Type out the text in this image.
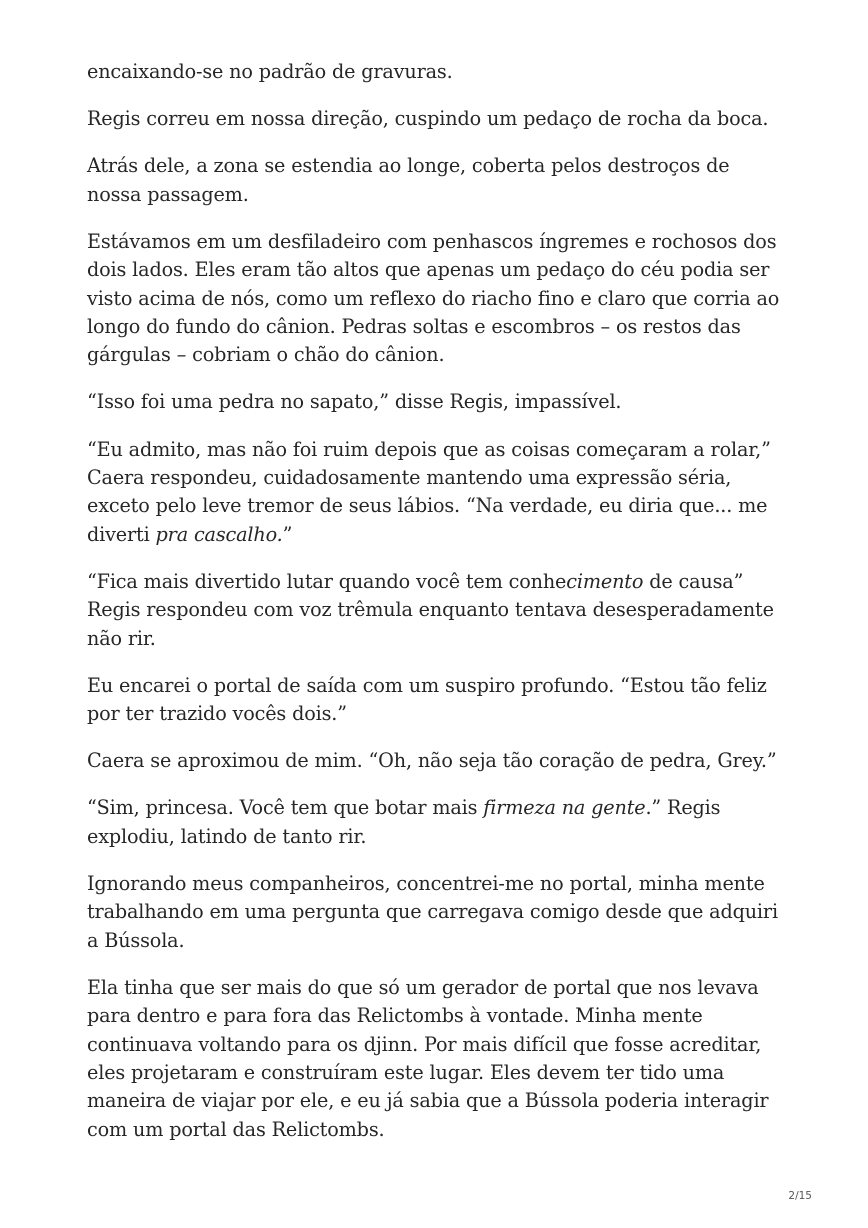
encaixando-se no padrão de gravuras.

Regis correu em nossa direção, cuspindo um pedaço de rocha da boca.

Atrás dele, a zona se estendia ao longe, coberta pelos destroços de nossa passagem.

Estávamos em um desfiladeiro com penhascos íngremes e rochosos dos dois lados. Eles eram tão altos que apenas um pedaço do céu podia ser visto acima de nós, como um reflexo do riacho fino e claro que corria ao longo do fundo do cânion. Pedras soltas e escombros – os restos das gárgulas – cobriam o chão do cânion.

“Isso foi uma pedra no sapato,” disse Regis, impassível.

“Eu admito, mas não foi ruim depois que as coisas começaram a rolar,” Caera respondeu, cuidadosamente mantendo uma expressão séria, exceto pelo leve tremor de seus lábios. “Na verdade, eu diria que... me diverti pra cascalho.”

“Fica mais divertido lutar quando você tem conhecimento de causa” Regis respondeu com voz trêmula enquanto tentava desesperadamente não rir.

Eu encarei o portal de saída com um suspiro profundo. “Estou tão feliz por ter trazido vocês dois.”

Caera se aproximou de mim. “Oh, não seja tão coração de pedra, Grey.”

“Sim, princesa. Você tem que botar mais firmeza na gente.” Regis explodiu, latindo de tanto rir.

Ignorando meus companheiros, concentrei-me no portal, minha mente trabalhando em uma pergunta que carregava comigo desde que adquiri a Bússola.

Ela tinha que ser mais do que só um gerador de portal que nos levava para dentro e para fora das Relictombs à vontade. Minha mente continuava voltando para os djinn. Por mais difícil que fosse acreditar, eles projetaram e construíram este lugar. Eles devem ter tido uma maneira de viajar por ele, e eu já sabia que a Bússola poderia interagir com um portal das Relictombs.

2/15
